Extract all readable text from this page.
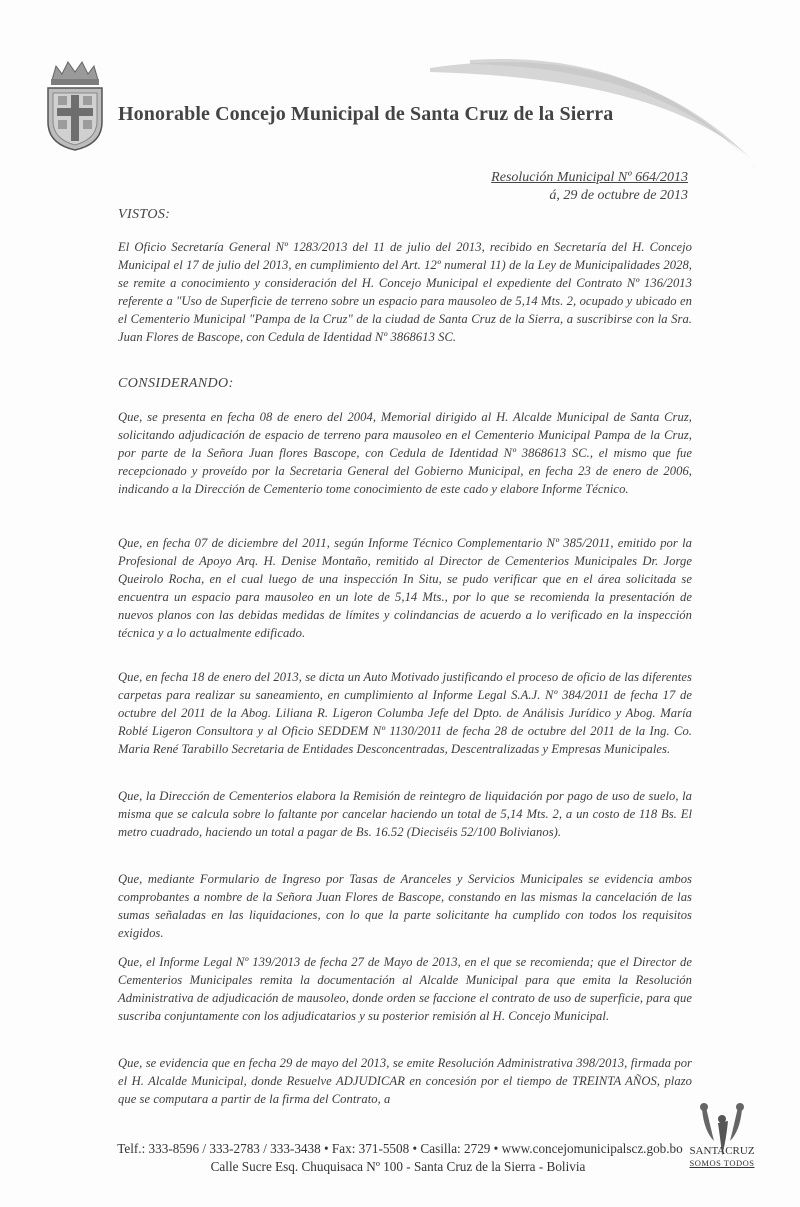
Honorable Concejo Municipal de Santa Cruz de la Sierra
Resolución Municipal Nº 664/2013
á, 29 de octubre de 2013
VISTOS:
El Oficio Secretaría General Nº 1283/2013 del 11 de julio del 2013, recibido en Secretaría del H. Concejo Municipal el 17 de julio del 2013, en cumplimiento del Art. 12º numeral 11) de la Ley de Municipalidades 2028, se remite a conocimiento y consideración del H. Concejo Municipal el expediente del Contrato Nº 136/2013 referente a "Uso de Superficie de terreno sobre un espacio para mausoleo de 5,14 Mts. 2, ocupado y ubicado en el Cementerio Municipal "Pampa de la Cruz" de la ciudad de Santa Cruz de la Sierra, a suscribirse con la Sra. Juan Flores de Bascope, con Cedula de Identidad Nº 3868613 SC.
CONSIDERANDO:
Que, se presenta en fecha 08 de enero del 2004, Memorial dirigido al H. Alcalde Municipal de Santa Cruz, solicitando adjudicación de espacio de terreno para mausoleo en el Cementerio Municipal Pampa de la Cruz, por parte de la Señora Juan flores Bascope, con Cedula de Identidad Nº 3868613 SC., el mismo que fue recepcionado y proveído por la Secretaria General del Gobierno Municipal, en fecha 23 de enero de 2006, indicando a la Dirección de Cementerio tome conocimiento de este cado y elabore Informe Técnico.
Que, en fecha 07 de diciembre del 2011, según Informe Técnico Complementario Nº 385/2011, emitido por la Profesional de Apoyo Arq. H. Denise Montaño, remitido al Director de Cementerios Municipales Dr. Jorge Queirolo Rocha, en el cual luego de una inspección In Situ, se pudo verificar que en el área solicitada se encuentra un espacio para mausoleo en un lote de 5,14 Mts., por lo que se recomienda la presentación de nuevos planos con las debidas medidas de límites y colindancias de acuerdo a lo verificado en la inspección técnica y a lo actualmente edificado.
Que, en fecha 18 de enero del 2013, se dicta un Auto Motivado justificando el proceso de oficio de las diferentes carpetas para realizar su saneamiento, en cumplimiento al Informe Legal S.A.J. Nº 384/2011 de fecha 17 de octubre del 2011 de la Abog. Liliana R. Ligeron Columba Jefe del Dpto. de Análisis Jurídico y Abog. María Roblé Ligeron Consultora y al Oficio SEDDEM Nº 1130/2011 de fecha 28 de octubre del 2011 de la Ing. Co. Maria René Tarabillo Secretaria de Entidades Desconcentradas, Descentralizadas y Empresas Municipales.
Que, la Dirección de Cementerios elabora la Remisión de reintegro de liquidación por pago de uso de suelo, la misma que se calcula sobre lo faltante por cancelar haciendo un total de 5,14 Mts. 2, a un costo de 118 Bs. El metro cuadrado, haciendo un total a pagar de Bs. 16.52 (Dieciséis 52/100 Bolivianos).
Que, mediante Formulario de Ingreso por Tasas de Aranceles y Servicios Municipales se evidencia ambos comprobantes a nombre de la Señora Juan Flores de Bascope, constando en las mismas la cancelación de las sumas señaladas en las liquidaciones, con lo que la parte solicitante ha cumplido con todos los requisitos exigidos.
Que, el Informe Legal Nº 139/2013 de fecha 27 de Mayo de 2013, en el que se recomienda; que el Director de Cementerios Municipales remita la documentación al Alcalde Municipal para que emita la Resolución Administrativa de adjudicación de mausoleo, donde orden se faccione el contrato de uso de superficie, para que suscriba conjuntamente con los adjudicatarios y su posterior remisión al H. Concejo Municipal.
Que, se evidencia que en fecha 29 de mayo del 2013, se emite Resolución Administrativa 398/2013, firmada por el H. Alcalde Municipal, donde Resuelve ADJUDICAR en concesión por el tiempo de TREINTA AÑOS, plazo que se computara a partir de la firma del Contrato, a
Telf.: 333-8596 / 333-2783 / 333-3438 • Fax: 371-5508 • Casilla: 2729 • www.concejomunicipalscz.gob.bo
Calle Sucre Esq. Chuquisaca Nº 100 - Santa Cruz de la Sierra - Bolivia
SANTACRUZ
SOMOS TODOS
